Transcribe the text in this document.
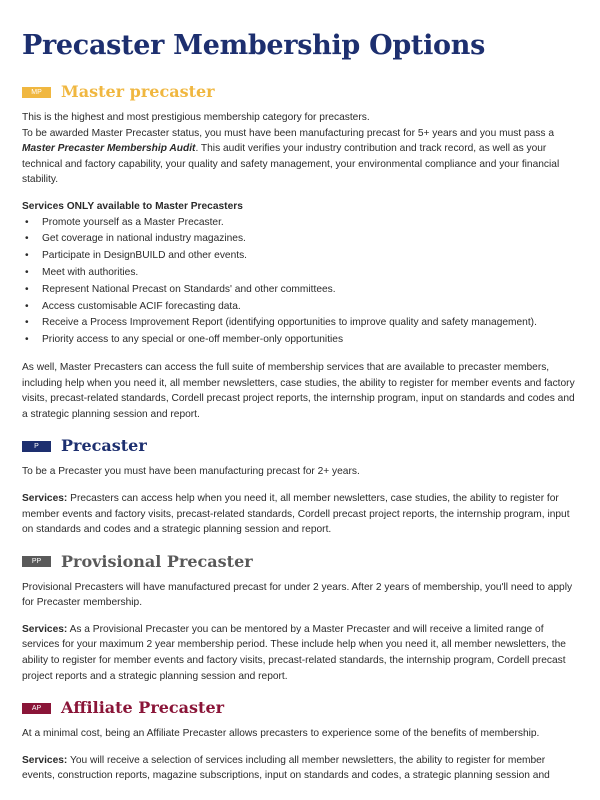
Precaster Membership Options
MP	Master precaster

This is the highest and most prestigious membership category for precasters.

To be awarded Master Precaster status, you must have been manufacturing precast for 5+ years and you must pass a Master Precaster Membership Audit. This audit verifies your industry contribution and track record, as well as your technical and factory capability, your quality and safety management, your environmental compliance and your financial stability.

Services ONLY available to Master Precasters
• Promote yourself as a Master Precaster.
• Get coverage in national industry magazines.
• Participate in DesignBUILD and other events.
• Meet with authorities.
• Represent National Precast on Standards' and other committees.
• Access customisable ACIF forecasting data.
• Receive a Process Improvement Report (identifying opportunities to improve quality and safety management).
• Priority access to any special or one-off member-only opportunities

As well, Master Precasters can access the full suite of membership services that are available to precaster members, including help when you need it, all member newsletters, case studies, the ability to register for member events and factory visits, precast-related standards, Cordell precast project reports, the internship program, input on standards and codes and a strategic planning session and report.

P	Precaster

To be a Precaster you must have been manufacturing precast for 2+ years.

Services: Precasters can access help when you need it, all member newsletters, case studies, the ability to register for member events and factory visits, precast-related standards, Cordell precast project reports, the internship program, input on standards and codes and a strategic planning session and report.

PP	Provisional Precaster

Provisional Precasters will have manufactured precast for under 2 years. After 2 years of membership, you'll need to apply for Precaster membership.

Services: As a Provisional Precaster you can be mentored by a Master Precaster and will receive a limited range of services for your maximum 2 year membership period. These include help when you need it, all member newsletters, the ability to register for member events and factory visits, precast-related standards, the internship program, Cordell precast project reports and a strategic planning session and report.

AP	Affiliate Precaster

At a minimal cost, being an Affiliate Precaster allows precasters to experience some of the benefits of membership.

Services: You will receive a selection of services including all member newsletters, the ability to register for member events, construction reports, magazine subscriptions, input on standards and codes, a strategic planning session and
